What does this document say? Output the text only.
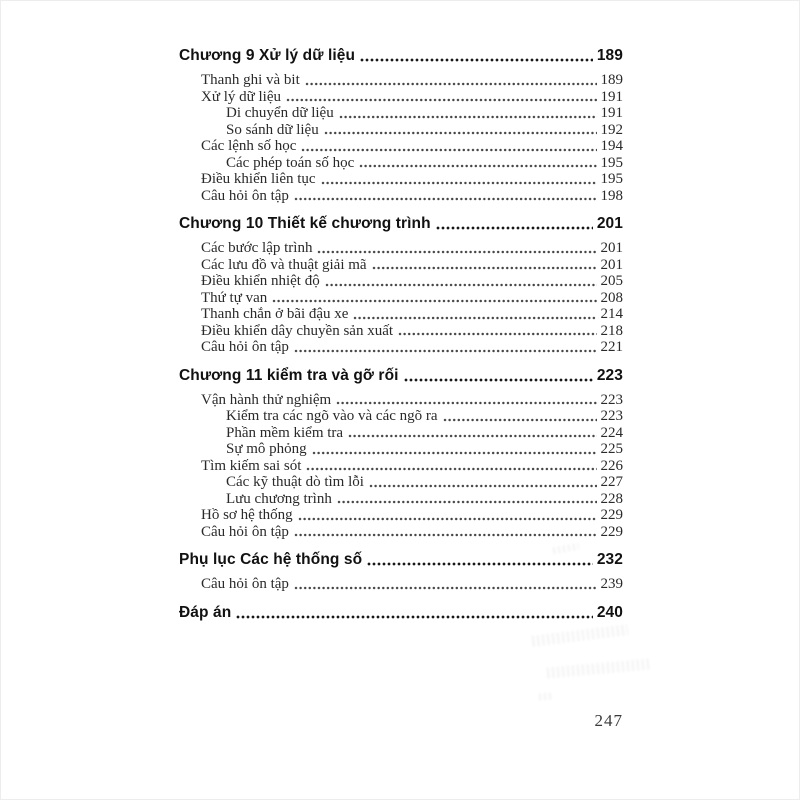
Chương 9 Xử lý dữ liệu	189
Thanh ghi và bit	189
Xử lý dữ liệu	191
Di chuyển dữ liệu	191
So sánh dữ liệu	192
Các lệnh số học	194
Các phép toán số học	195
Điều khiển liên tục	195
Câu hỏi ôn tập	198
Chương 10 Thiết kế chương trình	201
Các bước lập trình	201
Các lưu đồ và thuật giải mã	201
Điều khiển nhiệt độ	205
Thứ tự van	208
Thanh chắn ở bãi đậu xe	214
Điều khiển dây chuyền sản xuất	218
Câu hỏi ôn tập	221
Chương 11 kiểm tra và gỡ rối	223
Vận hành thử nghiệm	223
Kiểm tra các ngõ vào và các ngõ ra	223
Phần mềm kiểm tra	224
Sự mô phỏng	225
Tìm kiếm sai sót	226
Các kỹ thuật dò tìm lỗi	227
Lưu chương trình	228
Hồ sơ hệ thống	229
Câu hỏi ôn tập	229
Phụ lục Các hệ thống số	232
Câu hỏi ôn tập	239
Đáp án	240
247
